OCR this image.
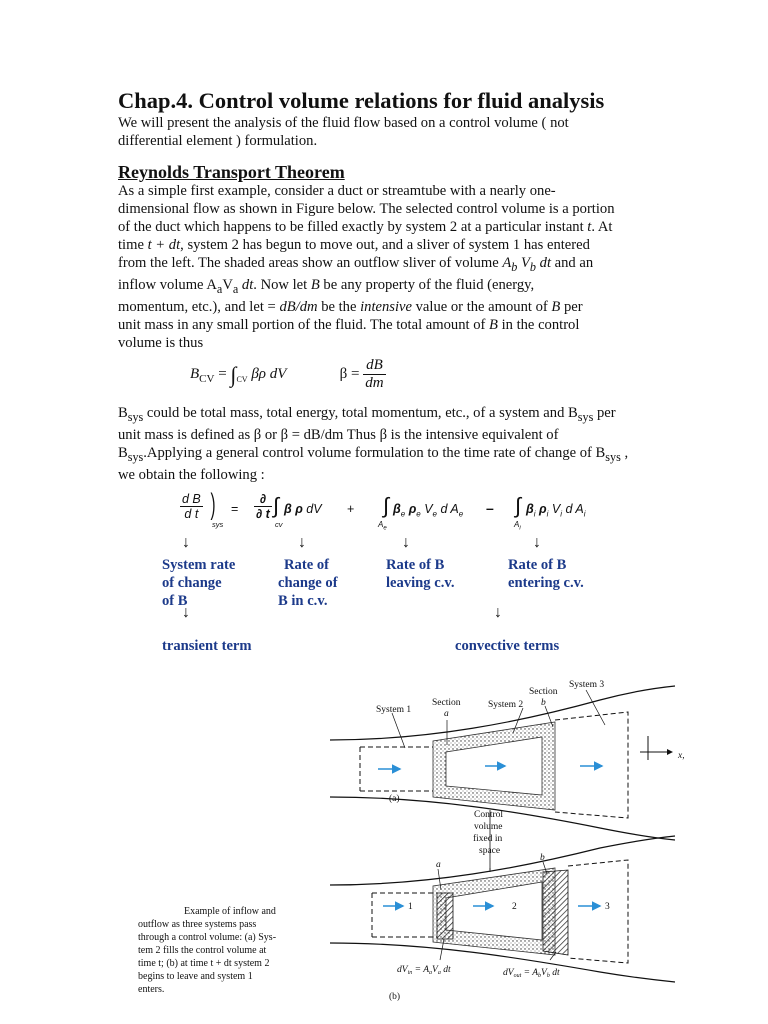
Chap.4. Control volume relations for fluid analysis
We will present the analysis of the fluid flow based on a control volume ( not
differential element ) formulation.
Reynolds Transport Theorem
As a simple first example, consider a duct or streamtube with a nearly one-
dimensional flow as shown in Figure below. The selected control volume is a portion
of the duct which happens to be filled exactly by system 2 at a particular instant t. At
time t + dt, system 2 has begun to move out, and a sliver of system 1 has entered
from the left. The shaded areas show an outflow sliver of volume $A_b$ $V_b$ dt and an
inflow volume $A_aV_a$ dt. Now let B be any property of the fluid (energy,
momentum, etc.), and let = dB/dm be the intensive value or the amount of B per
unit mass in any small portion of the fluid. The total amount of B in the control
volume is thus
$B_{CV} = \int_{CV}$ βρ dV	$\beta = \frac{dB}{dm}$
$B_{sys}$ could be total mass, total energy, total momentum, etc., of a system and $B_{sys}$ per
unit mass is defined as β or β = dB/dm Thus β is the intensive equivalent of
$B_{sys}.Applying$ a general control volume formulation to the time rate of change of $B_{sys}$ ,
we obtain the following :
d B
d t )
sys
=
∂
∂ t ∫
cv
β ρ dV + ∫
$A_e$
$\beta_e$ $\rho_e$ $V_e$ d $A_e$ – ∫
$A_i$
$\beta_i$ $\rho_i$ $V_i$ d $A_i$
↓	↓	↓	↓
System rate
of change
of B
Rate of
change of
B in c.v.
Rate of B
leaving c.v.
Rate of B
entering c.v.
↓	↓
transient term	convective terms
System 1
Section
a
System 2
Section
b
System 3
x,
(a)
Control
volume
fixed in
space
a
b
1	2	3
$dV_{in} = A_aV_a$ dt	$dV_{out} = A_bV_b$ dt
(b)
Example of inflow and
outflow as three systems pass
through a control volume: (a) Sys-
tem 2 fills the control volume at
time t; (b) at time t + dt system 2
begins to leave and system 1
enters.
